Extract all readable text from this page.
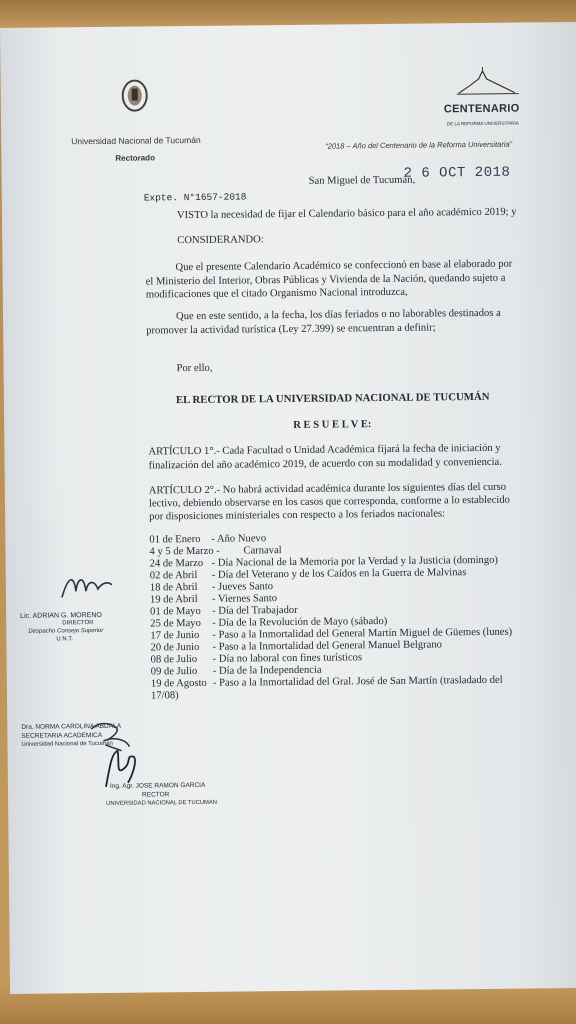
Universidad Nacional de Tucumán
Rectorado
CENTENARIO
DE LA REFORMA UNIVERSITARIA
“2018 – Año del Centenario de la Reforma Universitaria”
Expte. N°1657-2018
San Miguel de Tucumán,
2 6 OCT 2018
VISTO la necesidad de fijar el Calendario básico para el año académico 2019; y
CONSIDERANDO:
Que el presente Calendario Académico se confeccionó en base al elaborado por
el Ministerio del Interior, Obras Públicas y Vivienda de la Nación, quedando sujeto a
modificaciones que el citado Organismo Nacional introduzca,
Que en este sentido, a la fecha, los días feriados o no laborables destinados a
promover la actividad turística (Ley 27.399) se encuentran a definir;
Por ello,
EL RECTOR DE LA UNIVERSIDAD NACIONAL DE TUCUMÁN
R E S U E L V E:
ARTÍCULO 1°.- Cada Facultad o Unidad Académica fijará la fecha de iniciación y
finalización del año académico 2019, de acuerdo con su modalidad y conveniencia.
ARTÍCULO 2°.- No habrá actividad académica durante los siguientes días del curso
lectivo, debiendo observarse en los casos que corresponda, conforme a lo establecido
por disposiciones ministeriales con respecto a los feriados nacionales:
01 de Enero - Año Nuevo
4 y 5 de Marzo - Carnaval
24 de Marzo - Día Nacional de la Memoria por la Verdad y la Justicia (domingo)
02 de Abril - Día del Veterano y de los Caídos en la Guerra de Malvinas
18 de Abril - Jueves Santo
19 de Abril - Viernes Santo
01 de Mayo - Día del Trabajador
25 de Mayo - Día de la Revolución de Mayo (sábado)
17 de Junio - Paso a la Inmortalidad del General Martín Miguel de Güemes (lunes)
20 de Junio - Paso a la Inmortalidad del General Manuel Belgrano
08 de Julio - Día no laboral con fines turísticos
09 de Julio - Día de la Independencia
19 de Agosto - Paso a la Inmortalidad del Gral. José de San Martín (trasladado del
17/08)
Lic. ADRIAN G. MORENO
DIRECTOR
Despacho Consejo Superior
U.N.T.
Dra. NORMA CAROLINA ABDALA
SECRETARIA ACADEMICA
Universidad Nacional de Tucumán
Ing. Agr. JOSE RAMON GARCIA
RECTOR
UNIVERSIDAD NACIONAL DE TUCUMAN
